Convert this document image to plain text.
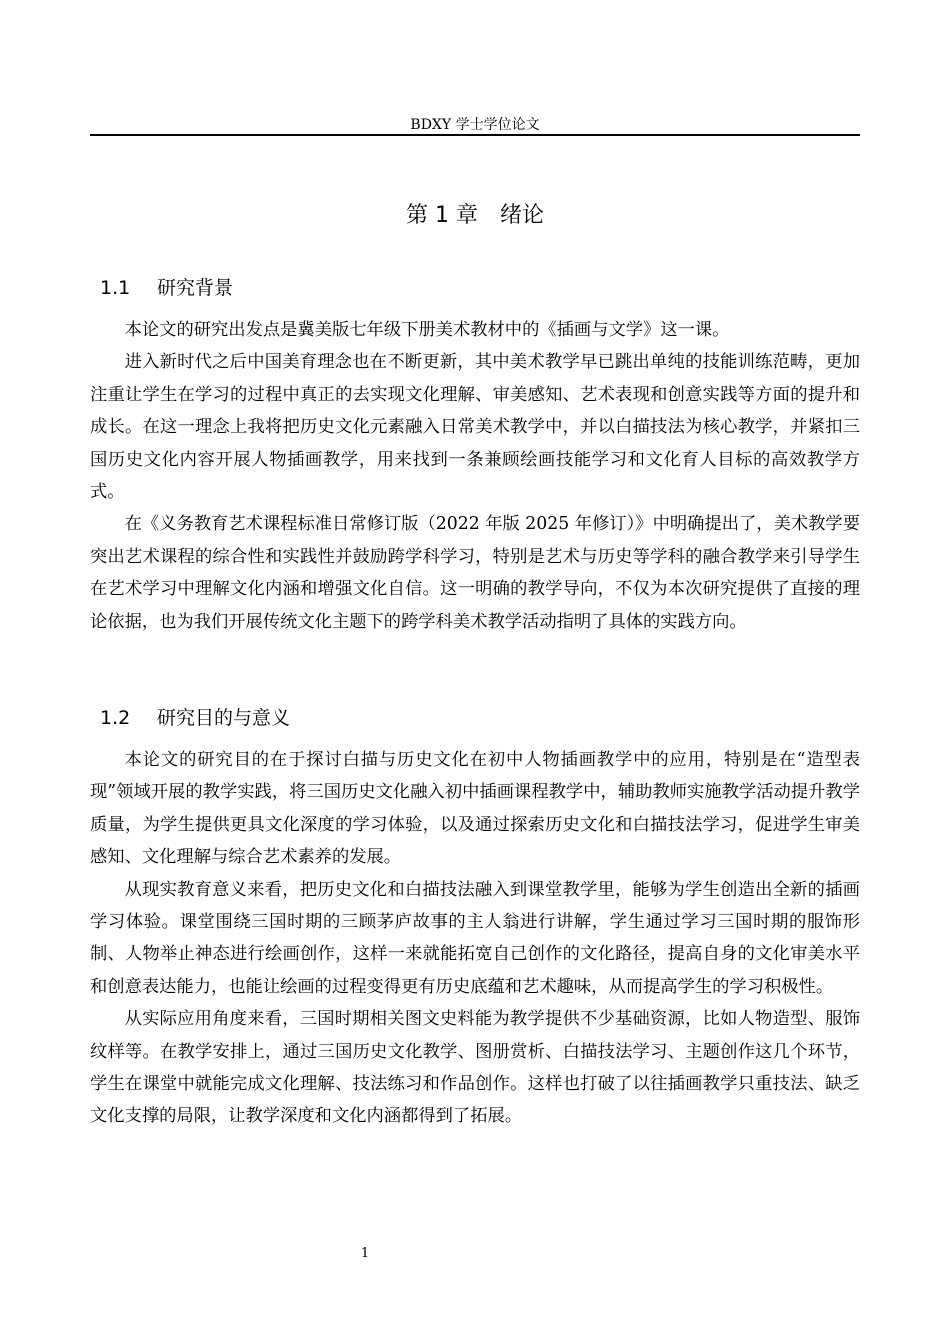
BDXY 学士学位论文
第 1 章　绪论
1.1 研究背景

本论文的研究出发点是冀美版七年级下册美术教材中的《插画与文学》这一课。

进入新时代之后中国美育理念也在不断更新，其中美术教学早已跳出单纯的技能训练范畴，更加注重让学生在学习的过程中真正的去实现文化理解、审美感知、艺术表现和创意实践等方面的提升和成长。在这一理念上我将把历史文化元素融入日常美术教学中，并以白描技法为核心教学，并紧扣三国历史文化内容开展人物插画教学，用来找到一条兼顾绘画技能学习和文化育人目标的高效教学方式。

在《义务教育艺术课程标准日常修订版（2022 年版 2025 年修订）》中明确提出了，美术教学要突出艺术课程的综合性和实践性并鼓励跨学科学习，特别是艺术与历史等学科的融合教学来引导学生在艺术学习中理解文化内涵和增强文化自信。这一明确的教学导向，不仅为本次研究提供了直接的理论依据，也为我们开展传统文化主题下的跨学科美术教学活动指明了具体的实践方向。

1.2 研究目的与意义

本论文的研究目的在于探讨白描与历史文化在初中人物插画教学中的应用，特别是在“造型表现”领域开展的教学实践，将三国历史文化融入初中插画课程教学中，辅助教师实施教学活动提升教学质量，为学生提供更具文化深度的学习体验，以及通过探索历史文化和白描技法学习，促进学生审美感知、文化理解与综合艺术素养的发展。

从现实教育意义来看，把历史文化和白描技法融入到课堂教学里，能够为学生创造出全新的插画学习体验。课堂围绕三国时期的三顾茅庐故事的主人翁进行讲解，学生通过学习三国时期的服饰形制、人物举止神态进行绘画创作，这样一来就能拓宽自己创作的文化路径，提高自身的文化审美水平和创意表达能力，也能让绘画的过程变得更有历史底蕴和艺术趣味，从而提高学生的学习积极性。

从实际应用角度来看，三国时期相关图文史料能为教学提供不少基础资源，比如人物造型、服饰纹样等。在教学安排上，通过三国历史文化教学、图册赏析、白描技法学习、主题创作这几个环节，学生在课堂中就能完成文化理解、技法练习和作品创作。这样也打破了以往插画教学只重技法、缺乏文化支撑的局限，让教学深度和文化内涵都得到了拓展。

1
